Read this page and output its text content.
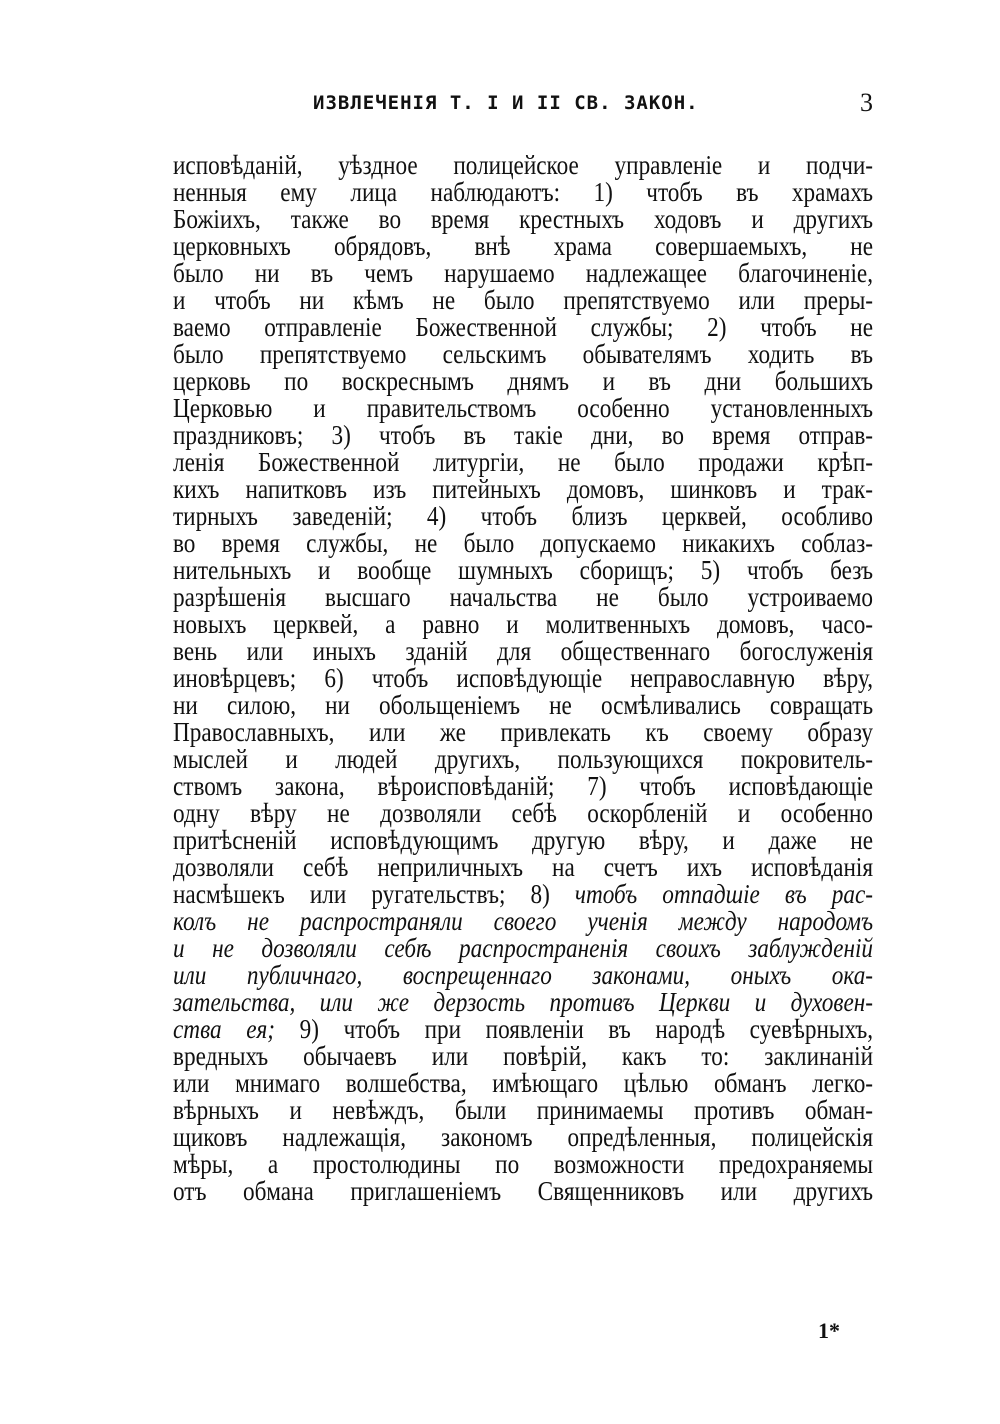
ИЗВЛЕЧЕНІЯ Т. I И II СВ. ЗАКОН.	3
исповѣданій, уѣздное полицейское управленіе и подчи-
ненныя ему лица наблюдаютъ: 1) чтобъ въ храмахъ
Божіихъ, также во время крестныхъ ходовъ и другихъ
церковныхъ обрядовъ, внѣ храма совершаемыхъ, не
было ни въ чемъ нарушаемо надлежащее благочиненіе,
и чтобъ ни кѣмъ не было препятствуемо или преры-
ваемо отправленіе Божественной службы; 2) чтобъ не
было препятствуемо сельскимъ обывателямъ ходить въ
церковь по воскреснымъ днямъ и въ дни большихъ
Церковью и правительствомъ особенно установленныхъ
праздниковъ; 3) чтобъ въ такіе дни, во время отправ-
ленія Божественной литургіи, не было продажи крѣп-
кихъ напитковъ изъ питейныхъ домовъ, шинковъ и трак-
тирныхъ заведеній; 4) чтобъ близъ церквей, особливо
во время службы, не было допускаемо никакихъ соблаз-
нительныхъ и вообще шумныхъ сборищъ; 5) чтобъ безъ
разрѣшенія высшаго начальства не было устроиваемо
новыхъ церквей, а равно и молитвенныхъ домовъ, часо-
вень или иныхъ зданій для общественнаго богослуженія
иновѣрцевъ; 6) чтобъ исповѣдующіе неправославную вѣру,
ни силою, ни обольщеніемъ не осмѣливались совращать
Православныхъ, или же привлекать къ своему образу
мыслей и людей другихъ, пользующихся покровитель-
ствомъ закона, вѣроисповѣданій; 7) чтобъ исповѣдающіе
одну вѣру не дозволяли себѣ оскорбленій и особенно
притѣсненій исповѣдующимъ другую вѣру, и даже не
дозволяли себѣ неприличныхъ на счетъ ихъ исповѣданія
насмѣшекъ или ругательствъ; 8) чтобъ отпадшіе въ рас-
колъ не распространяли своего ученія между народомъ
и не дозволяли себѣ распространенія своихъ заблужденій
или публичнаго, воспрещеннаго законами, оныхъ ока-
зательства, или же дерзость противъ Церкви и духовен-
ства ея; 9) чтобъ при появленіи въ народѣ суевѣрныхъ,
вредныхъ обычаевъ или повѣрій, какъ то: заклинаній
или мнимаго волшебства, имѣющаго цѣлью обманъ легко-
вѣрныхъ и невѣждъ, были принимаемы противъ обман-
щиковъ надлежащія, закономъ опредѣленныя, полицейскія
мѣры, а простолюдины по возможности предохраняемы
отъ обмана приглашеніемъ Священниковъ или другихъ
1*
